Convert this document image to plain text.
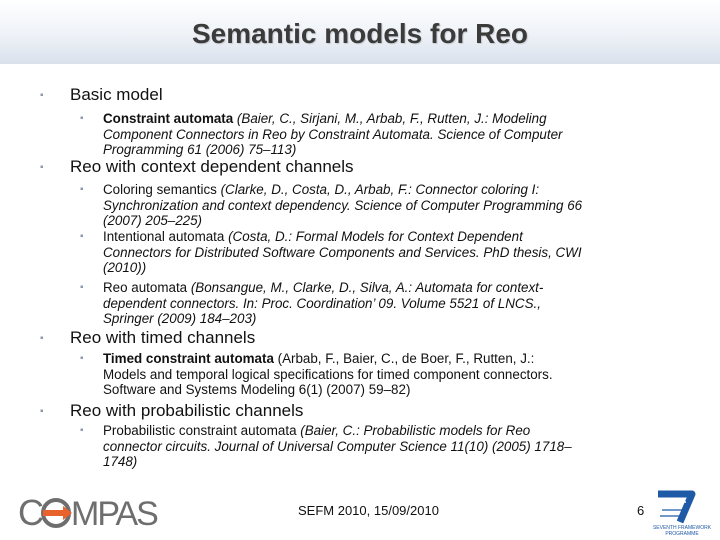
Semantic models for Reo
▪ Basic model
▪ Constraint automata (Baier, C., Sirjani, M., Arbab, F., Rutten, J.: Modeling
Component Connectors in Reo by Constraint Automata. Science of Computer
Programming 61 (2006) 75–113)
▪ Reo with context dependent channels
▪ Coloring semantics (Clarke, D., Costa, D., Arbab, F.: Connector coloring I:
Synchronization and context dependency. Science of Computer Programming 66
(2007) 205–225)
▪ Intentional automata (Costa, D.: Formal Models for Context Dependent
Connectors for Distributed Software Components and Services. PhD thesis, CWI
(2010))
▪ Reo automata (Bonsangue, M., Clarke, D., Silva, A.: Automata for context-
dependent connectors. In: Proc. Coordination’ 09. Volume 5521 of LNCS.,
Springer (2009) 184–203)
▪ Reo with timed channels
▪ Timed constraint automata (Arbab, F., Baier, C., de Boer, F., Rutten, J.:
Models and temporal logical specifications for timed component connectors.
Software and Systems Modeling 6(1) (2007) 59–82)
▪ Reo with probabilistic channels
▪ Probabilistic constraint automata (Baier, C.: Probabilistic models for Reo
connector circuits. Journal of Universal Computer Science 11(10) (2005) 1718–
1748)
C MPAS	SEFM 2010, 15/09/2010	6
SEVENTH FRAMEWORK
PROGRAMME
